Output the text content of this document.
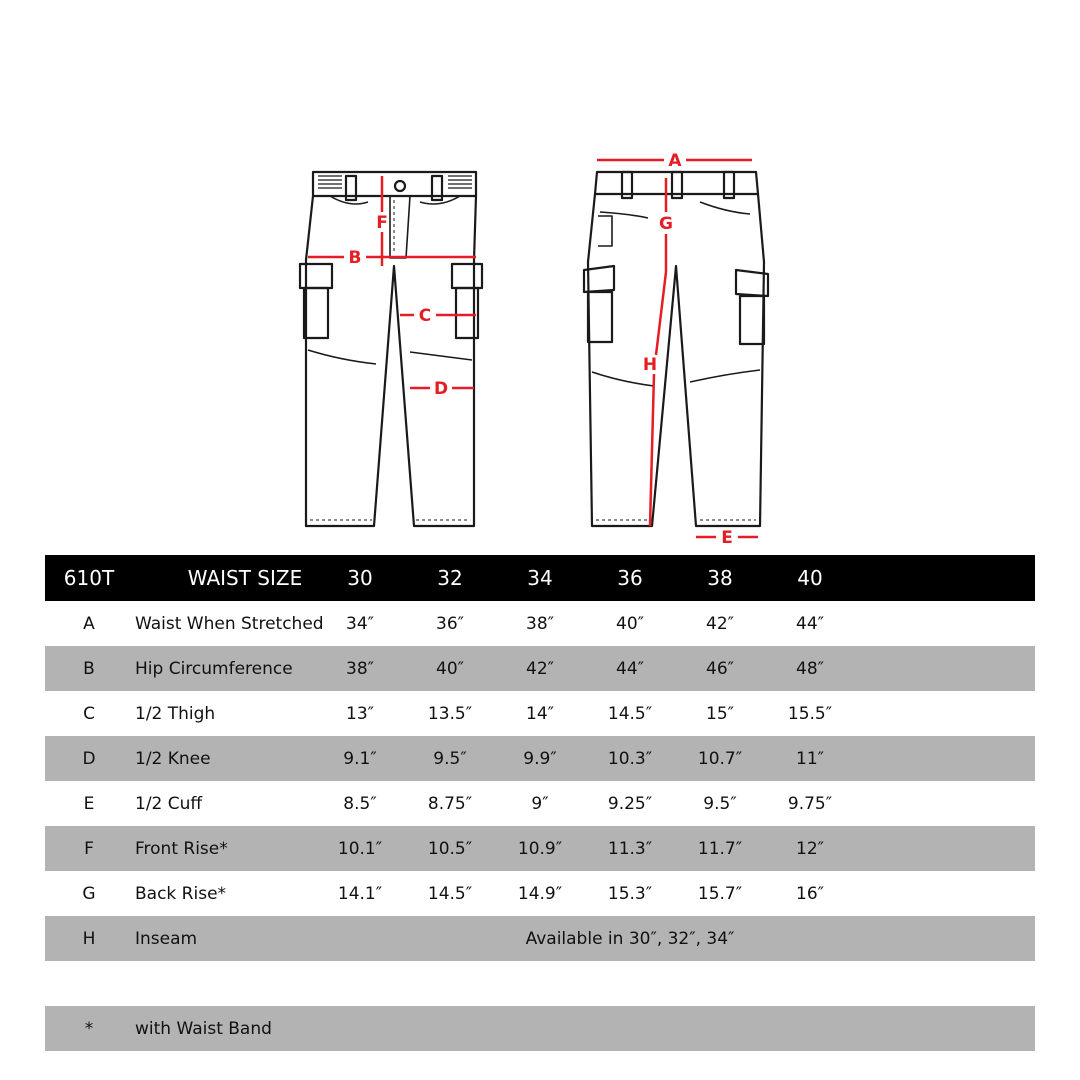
A
B
F
C
D
G
H
E
610T	WAIST SIZE	30	32	34	36	38	40
A	Waist When Stretched	34″	36″	38″	40″	42″	44″
B	Hip Circumference	38″	40″	42″	44″	46″	48″
C	1/2 Thigh	13″	13.5″	14″	14.5″	15″	15.5″
D	1/2 Knee	9.1″	9.5″	9.9″	10.3″	10.7″	11″
E	1/2 Cuff	8.5″	8.75″	9″	9.25″	9.5″	9.75″
F	Front Rise*	10.1″	10.5″	10.9″	11.3″	11.7″	12″
G	Back Rise*	14.1″	14.5″	14.9″	15.3″	15.7″	16″
H	Inseam	Available in 30″, 32″, 34″
*	with Waist Band
